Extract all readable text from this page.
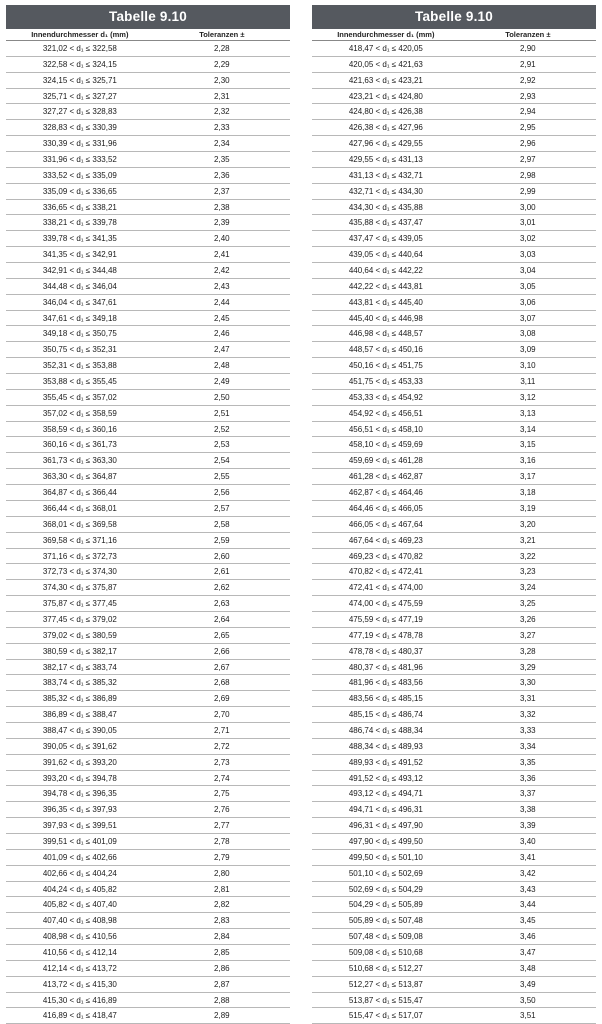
Tabelle 9.10
Innendurchmesser d₁ (mm)	Toleranzen ±
321,02 < d₁ ≤ 322,58	2,28
322,58 < d₁ ≤ 324,15	2,29
324,15 < d₁ ≤ 325,71	2,30
325,71 < d₁ ≤ 327,27	2,31
327,27 < d₁ ≤ 328,83	2,32
328,83 < d₁ ≤ 330,39	2,33
330,39 < d₁ ≤ 331,96	2,34
331,96 < d₁ ≤ 333,52	2,35
333,52 < d₁ ≤ 335,09	2,36
335,09 < d₁ ≤ 336,65	2,37
336,65 < d₁ ≤ 338,21	2,38
338,21 < d₁ ≤ 339,78	2,39
339,78 < d₁ ≤ 341,35	2,40
341,35 < d₁ ≤ 342,91	2,41
342,91 < d₁ ≤ 344,48	2,42
344,48 < d₁ ≤ 346,04	2,43
346,04 < d₁ ≤ 347,61	2,44
347,61 < d₁ ≤ 349,18	2,45
349,18 < d₁ ≤ 350,75	2,46
350,75 < d₁ ≤ 352,31	2,47
352,31 < d₁ ≤ 353,88	2,48
353,88 < d₁ ≤ 355,45	2,49
355,45 < d₁ ≤ 357,02	2,50
357,02 < d₁ ≤ 358,59	2,51
358,59 < d₁ ≤ 360,16	2,52
360,16 < d₁ ≤ 361,73	2,53
361,73 < d₁ ≤ 363,30	2,54
363,30 < d₁ ≤ 364,87	2,55
364,87 < d₁ ≤ 366,44	2,56
366,44 < d₁ ≤ 368,01	2,57
368,01 < d₁ ≤ 369,58	2,58
369,58 < d₁ ≤ 371,16	2,59
371,16 < d₁ ≤ 372,73	2,60
372,73 < d₁ ≤ 374,30	2,61
374,30 < d₁ ≤ 375,87	2,62
375,87 < d₁ ≤ 377,45	2,63
377,45 < d₁ ≤ 379,02	2,64
379,02 < d₁ ≤ 380,59	2,65
380,59 < d₁ ≤ 382,17	2,66
382,17 < d₁ ≤ 383,74	2,67
383,74 < d₁ ≤ 385,32	2,68
385,32 < d₁ ≤ 386,89	2,69
386,89 < d₁ ≤ 388,47	2,70
388,47 < d₁ ≤ 390,05	2,71
390,05 < d₁ ≤ 391,62	2,72
391,62 < d₁ ≤ 393,20	2,73
393,20 < d₁ ≤ 394,78	2,74
394,78 < d₁ ≤ 396,35	2,75
396,35 < d₁ ≤ 397,93	2,76
397,93 < d₁ ≤ 399,51	2,77
399,51 < d₁ ≤ 401,09	2,78
401,09 < d₁ ≤ 402,66	2,79
402,66 < d₁ ≤ 404,24	2,80
404,24 < d₁ ≤ 405,82	2,81
405,82 < d₁ ≤ 407,40	2,82
407,40 < d₁ ≤ 408,98	2,83
408,98 < d₁ ≤ 410,56	2,84
410,56 < d₁ ≤ 412,14	2,85
412,14 < d₁ ≤ 413,72	2,86
413,72 < d₁ ≤ 415,30	2,87
415,30 < d₁ ≤ 416,89	2,88
416,89 < d₁ ≤ 418,47	2,89
Tabelle 9.10
Innendurchmesser d₁ (mm)	Toleranzen ±
418,47 < d₁ ≤ 420,05	2,90
420,05 < d₁ ≤ 421,63	2,91
421,63 < d₁ ≤ 423,21	2,92
423,21 < d₁ ≤ 424,80	2,93
424,80 < d₁ ≤ 426,38	2,94
426,38 < d₁ ≤ 427,96	2,95
427,96 < d₁ ≤ 429,55	2,96
429,55 < d₁ ≤ 431,13	2,97
431,13 < d₁ ≤ 432,71	2,98
432,71 < d₁ ≤ 434,30	2,99
434,30 < d₁ ≤ 435,88	3,00
435,88 < d₁ ≤ 437,47	3,01
437,47 < d₁ ≤ 439,05	3,02
439,05 < d₁ ≤ 440,64	3,03
440,64 < d₁ ≤ 442,22	3,04
442,22 < d₁ ≤ 443,81	3,05
443,81 < d₁ ≤ 445,40	3,06
445,40 < d₁ ≤ 446,98	3,07
446,98 < d₁ ≤ 448,57	3,08
448,57 < d₁ ≤ 450,16	3,09
450,16 < d₁ ≤ 451,75	3,10
451,75 < d₁ ≤ 453,33	3,11
453,33 < d₁ ≤ 454,92	3,12
454,92 < d₁ ≤ 456,51	3,13
456,51 < d₁ ≤ 458,10	3,14
458,10 < d₁ ≤ 459,69	3,15
459,69 < d₁ ≤ 461,28	3,16
461,28 < d₁ ≤ 462,87	3,17
462,87 < d₁ ≤ 464,46	3,18
464,46 < d₁ ≤ 466,05	3,19
466,05 < d₁ ≤ 467,64	3,20
467,64 < d₁ ≤ 469,23	3,21
469,23 < d₁ ≤ 470,82	3,22
470,82 < d₁ ≤ 472,41	3,23
472,41 < d₁ ≤ 474,00	3,24
474,00 < d₁ ≤ 475,59	3,25
475,59 < d₁ ≤ 477,19	3,26
477,19 < d₁ ≤ 478,78	3,27
478,78 < d₁ ≤ 480,37	3,28
480,37 < d₁ ≤ 481,96	3,29
481,96 < d₁ ≤ 483,56	3,30
483,56 < d₁ ≤ 485,15	3,31
485,15 < d₁ ≤ 486,74	3,32
486,74 < d₁ ≤ 488,34	3,33
488,34 < d₁ ≤ 489,93	3,34
489,93 < d₁ ≤ 491,52	3,35
491,52 < d₁ ≤ 493,12	3,36
493,12 < d₁ ≤ 494,71	3,37
494,71 < d₁ ≤ 496,31	3,38
496,31 < d₁ ≤ 497,90	3,39
497,90 < d₁ ≤ 499,50	3,40
499,50 < d₁ ≤ 501,10	3,41
501,10 < d₁ ≤ 502,69	3,42
502,69 < d₁ ≤ 504,29	3,43
504,29 < d₁ ≤ 505,89	3,44
505,89 < d₁ ≤ 507,48	3,45
507,48 < d₁ ≤ 509,08	3,46
509,08 < d₁ ≤ 510,68	3,47
510,68 < d₁ ≤ 512,27	3,48
512,27 < d₁ ≤ 513,87	3,49
513,87 < d₁ ≤ 515,47	3,50
515,47 < d₁ ≤ 517,07	3,51
